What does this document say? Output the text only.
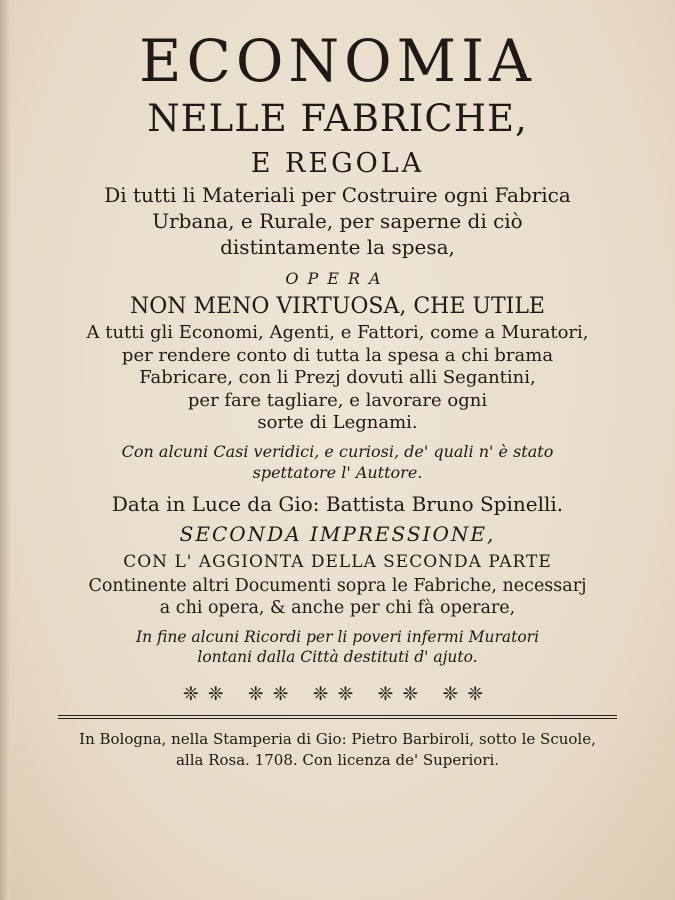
ECONOMIA
NELLE FABRICHE,
E REGOLA
Di tutti li Materiali per Costruire ogni Fabrica
Urbana, e Rurale, per saperne di ciò
distintamente la spesa,
OPERA
NON MENO VIRTUOSA, CHE UTILE
A tutti gli Economi, Agenti, e Fattori, come a Muratori,
per rendere conto di tutta la spesa a chi brama
Fabricare, con li Prezj dovuti alli Segantini,
per fare tagliare, e lavorare ogni
sorte di Legnami.
Con alcuni Casi veridici, e curiosi, de' quali n' è stato
spettatore l' Auttore.
Data in Luce da Gio: Battista Bruno Spinelli.
SECONDA IMPRESSIONE,
CON L' AGGIONTA DELLA SECONDA PARTE
Continente altri Documenti sopra le Fabriche, necessarj
a chi opera, & anche per chi fà operare,
In fine alcuni Ricordi per li poveri infermi Muratori
lontani dalla Città destituti d' ajuto.
❈❈ ❈❈ ❈❈ ❈❈ ❈❈
In Bologna, nella Stamperia di Gio: Pietro Barbiroli, sotto le Scuole,
alla Rosa. 1708. Con licenza de' Superiori.
